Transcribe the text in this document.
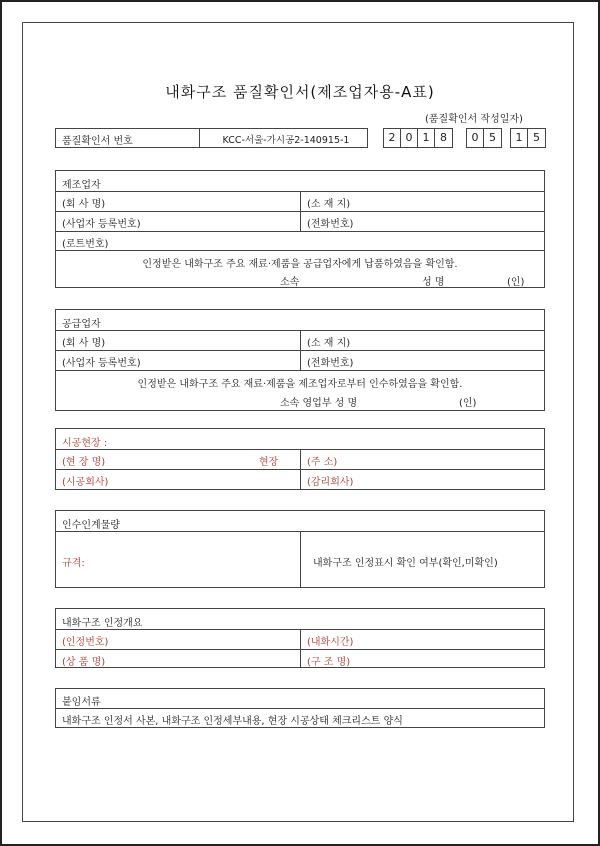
내화구조 품질확인서(제조업자용-A표)
(품질확인서 작성일자)
품질확인서 번호	KCC-서울-가시공2-140915-1	2 0 1 8	0 5	1 5
제조업자
(회 사 명)	(소 재 지)
(사업자 등록번호)	(전화번호)
(로트번호)
인정받은 내화구조 주요 재료·제품을 공급업자에게 납품하였음을 확인함.
소속	성 명	(인)
공급업자
(회 사 명)	(소 재 지)
(사업자 등록번호)	(전화번호)
인정받은 내화구조 주요 재료·제품을 제조업자로부터 인수하였음을 확인함.
소속 영업부 성 명	(인)
시공현장 :
(현 장 명)	현장	(주 소)
(시공회사)	(감리회사)
인수인계물량
규격:	내화구조 인정표시 확인 여부(확인,미확인)
내화구조 인정개요
(인정번호)	(내화시간)
(상 품 명)	(구 조 명)
붙임서류
내화구조 인정서 사본, 내화구조 인정세부내용, 현장 시공상태 체크리스트 양식
